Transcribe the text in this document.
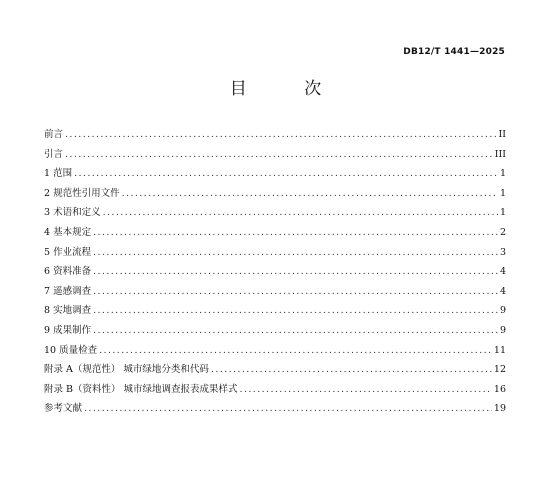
DB12/T 1441—2025
目 次
前言 .....	II
引言 .....	III
1 范围 .....	1
2 规范性引用文件 .....	1
3 术语和定义 .....	1
4 基本规定 .....	2
5 作业流程 .....	3
6 资料准备 .....	4
7 遥感调查 .....	4
8 实地调查 .....	9
9 成果制作 .....	9
10 质量检查 .....	11
附录 A（规范性） 城市绿地分类和代码 .....	12
附录 B（资料性） 城市绿地调查报表成果样式 .....	16
参考文献 .....	19
